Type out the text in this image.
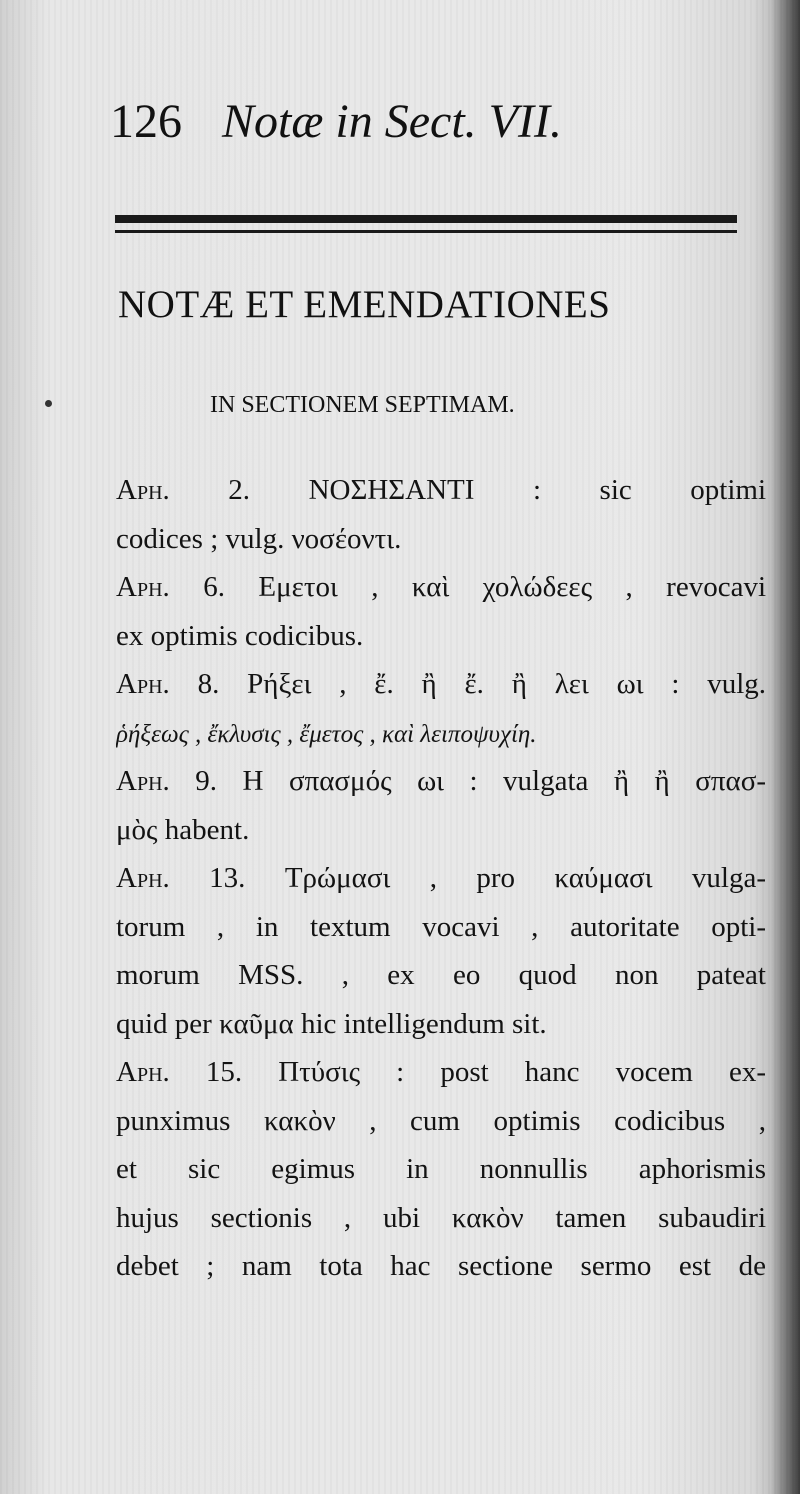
126 Notæ in Sect. VII.
NOTÆ ET EMENDATIONES
IN SECTIONEM SEPTIMAM.
Aph. 2. ΝΟΣΗΣΑΝΤΙ : sic optimi
codices ; vulg. νοσέοντι.
Aph. 6. Εμετοι , καὶ χολώδεες , revocavi
ex optimis codicibus.
Aph. 8. Ρήξει , ἔ. ἢ ἔ. ἢ λει ωι : vulg.
ῥήξεως , ἔκλυσις , ἔμετος , καὶ λειποψυχίη.
Aph. 9. Η σπασμός ωι : vulgata ἢ ἢ σπασ-
μὸς habent.
Aph. 13. Τρώμασι , pro καύμασι vulga-
torum , in textum vocavi , autoritate opti-
morum MSS. , ex eo quod non pateat
quid per καῦμα hic intelligendum sit.
Aph. 15. Πτύσις : post hanc vocem ex-
punximus κακὸν , cum optimis codicibus ,
et sic egimus in nonnullis aphorismis
hujus sectionis , ubi κακὸν tamen subaudiri
debet ; nam tota hac sectione sermo est de
